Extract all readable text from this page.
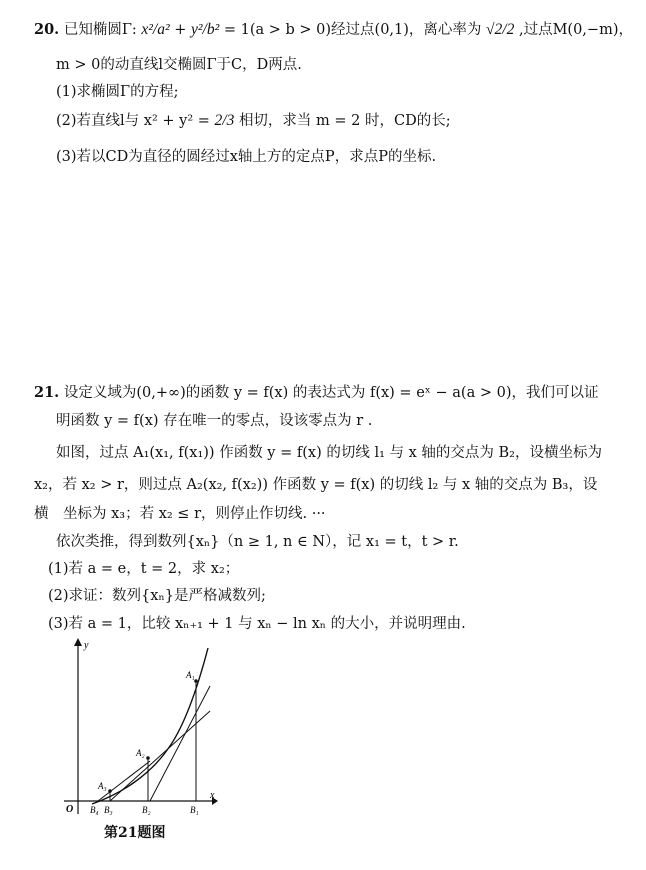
20. 已知椭圆Γ: x²/a² + y²/b² = 1(a > b > 0)经过点(0,1)，离心率为 √2/2 ,过点M(0,−m)，
m > 0的动直线l交椭圆Γ于C，D两点.
(1)求椭圆Γ的方程;
(2)若直线l与 x² + y² = 2/3 相切，求当 m = 2 时，CD的长;
(3)若以CD为直径的圆经过x轴上方的定点P，求点P的坐标.
21. 设定义域为(0,+∞)的函数 y = f(x) 的表达式为 f(x) = eˣ − a(a > 0)，我们可以证
明函数 y = f(x) 存在唯一的零点，设该零点为 r .
如图，过点 A₁(x₁, f(x₁)) 作函数 y = f(x) 的切线 l₁ 与 x 轴的交点为 B₂，设横坐标为
x₂，若 x₂ > r，则过点 A₂(x₂, f(x₂)) 作函数 y = f(x) 的切线 l₂ 与 x 轴的交点为 B₃，设
横　坐标为 x₃；若 x₂ ≤ r，则停止作切线. ···
依次类推，得到数列{xₙ}（n ≥ 1, n ∈ N），记 x₁ = t，t > r.
(1)若 a = e，t = 2，求 x₂；
(2)求证：数列{xₙ}是严格减数列;
(3)若 a = 1，比较 xₙ₊₁ + 1 与 xₙ − ln xₙ 的大小，并说明理由.
y
x
O
A₁
A₂
A₃
B₁
B₂
B₃
B₄
第21题图
